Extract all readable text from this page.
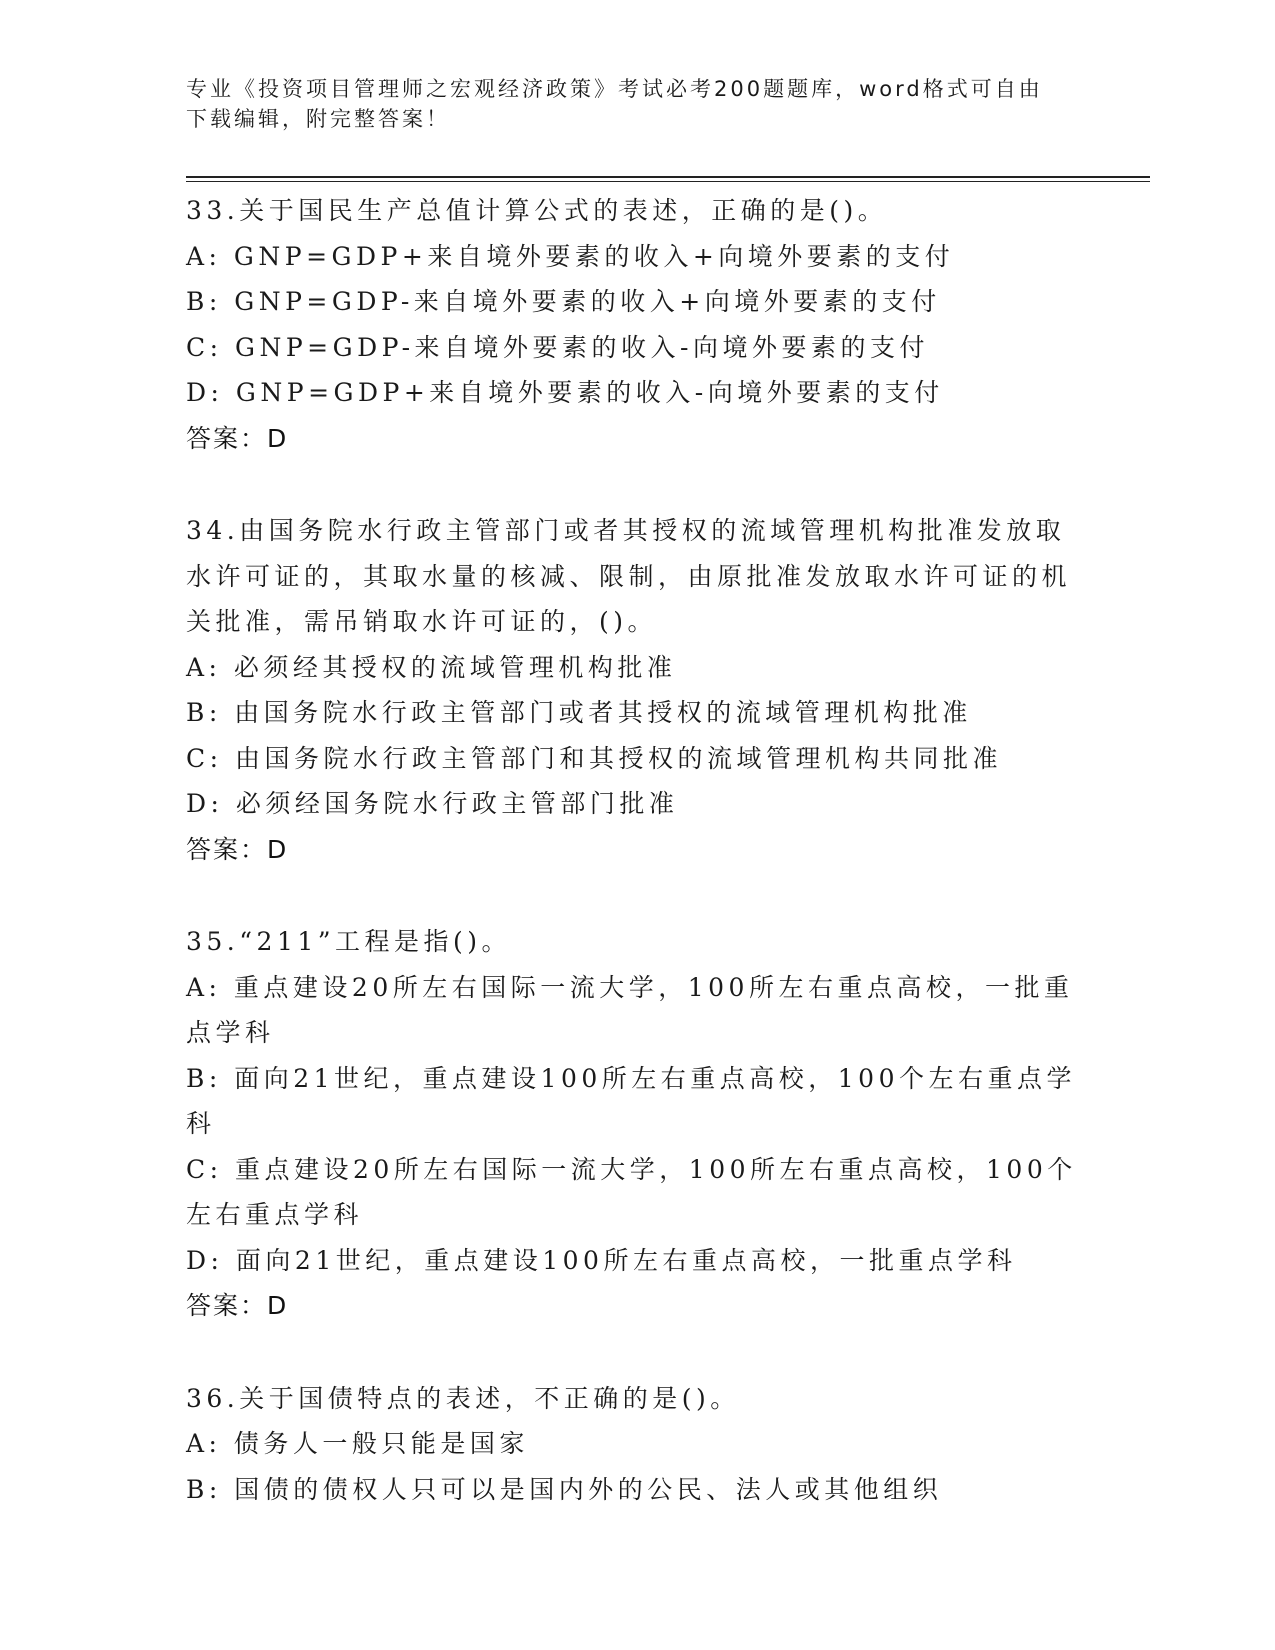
专业《投资项目管理师之宏观经济政策》考试必考200题题库，word格式可自由下载编辑，附完整答案！
33.关于国民生产总值计算公式的表述，正确的是()。
A: GNP=GDP+来自境外要素的收入+向境外要素的支付
B: GNP=GDP-来自境外要素的收入+向境外要素的支付
C: GNP=GDP-来自境外要素的收入-向境外要素的支付
D: GNP=GDP+来自境外要素的收入-向境外要素的支付
答案：D
34.由国务院水行政主管部门或者其授权的流域管理机构批准发放取水许可证的，其取水量的核减、限制，由原批准发放取水许可证的机关批准，需吊销取水许可证的，()。
A: 必须经其授权的流域管理机构批准
B: 由国务院水行政主管部门或者其授权的流域管理机构批准
C: 由国务院水行政主管部门和其授权的流域管理机构共同批准
D: 必须经国务院水行政主管部门批准
答案：D
35.“211”工程是指()。
A: 重点建设20所左右国际一流大学，100所左右重点高校，一批重点学科
B: 面向21世纪，重点建设100所左右重点高校，100个左右重点学科
C: 重点建设20所左右国际一流大学，100所左右重点高校，100个左右重点学科
D: 面向21世纪，重点建设100所左右重点高校，一批重点学科
答案：D
36.关于国债特点的表述，不正确的是()。
A: 债务人一般只能是国家
B: 国债的债权人只可以是国内外的公民、法人或其他组织
